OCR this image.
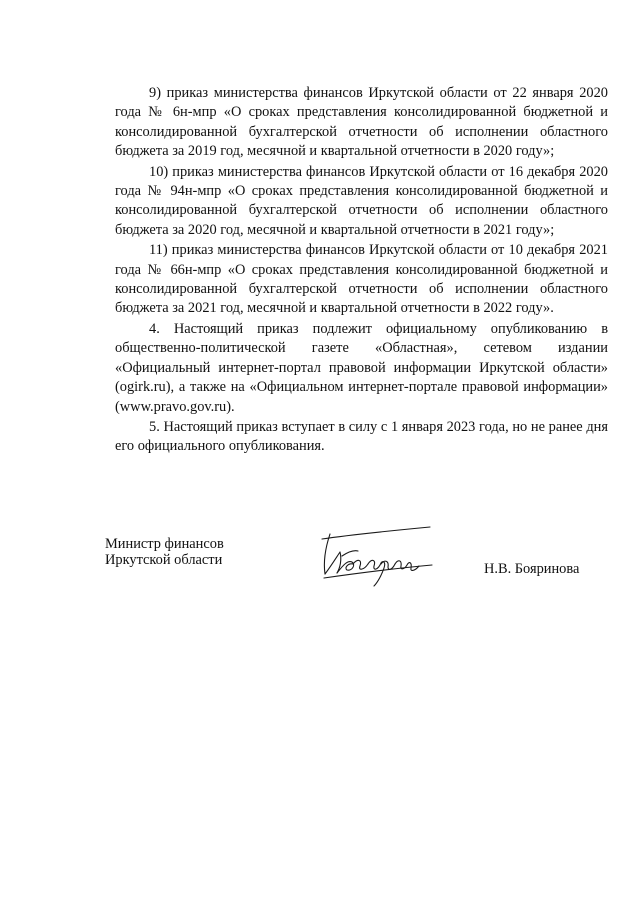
9) приказ министерства финансов Иркутской области от 22 января 2020 года № 6н-мпр «О сроках представления консолидированной бюджетной и консолидированной бухгалтерской отчетности об исполнении областного бюджета за 2019 год, месячной и квартальной отчетности в 2020 году»;

10) приказ министерства финансов Иркутской области от 16 декабря 2020 года № 94н-мпр «О сроках представления консолидированной бюджетной и консолидированной бухгалтерской отчетности об исполнении областного бюджета за 2020 год, месячной и квартальной отчетности в 2021 году»;

11) приказ министерства финансов Иркутской области от 10 декабря 2021 года № 66н-мпр «О сроках представления консолидированной бюджетной и консолидированной бухгалтерской отчетности об исполнении областного бюджета за 2021 год, месячной и квартальной отчетности в 2022 году».

4. Настоящий приказ подлежит официальному опубликованию в общественно-политической газете «Областная», сетевом издании «Официальный интернет-портал правовой информации Иркутской области» (ogirk.ru), а также на «Официальном интернет-портале правовой информации» (www.pravo.gov.ru).

5. Настоящий приказ вступает в силу с 1 января 2023 года, но не ранее дня его официального опубликования.

Министр финансов
Иркутской области
Н.В. Бояринова
